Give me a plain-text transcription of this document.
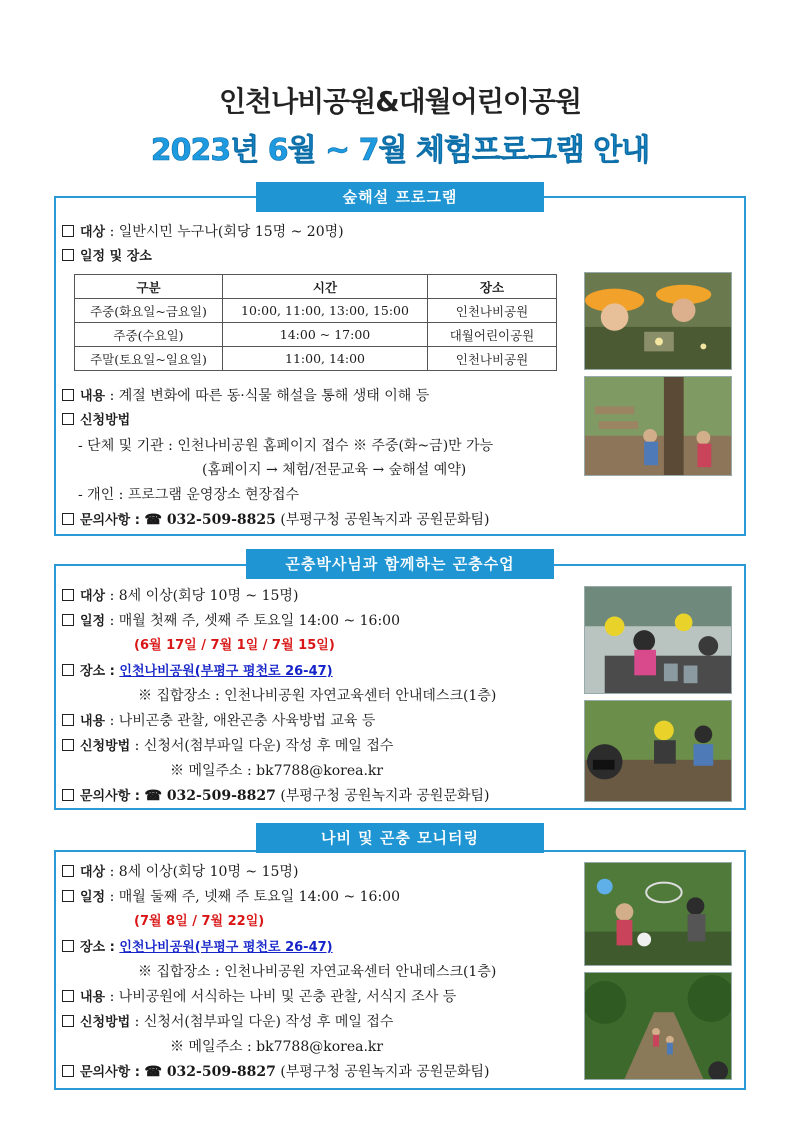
인천나비공원&대월어린이공원
2023년 6월 ~ 7월 체험프로그램 안내
숲해설 프로그램
대상 : 일반시민 누구나(회당 15명 ~ 20명)
일정 및 장소
구분	시간	장소
주중(화요일~금요일)	10:00, 11:00, 13:00, 15:00	인천나비공원
주중(수요일)	14:00 ~ 17:00	대월어린이공원
주말(토요일~일요일)	11:00, 14:00	인천나비공원
내용 : 계절 변화에 따른 동·식물 해설을 통해 생태 이해 등
신청방법
- 단체 및 기관 : 인천나비공원 홈페이지 접수 ※ 주중(화~금)만 가능
(홈페이지 → 체험/전문교육 → 숲해설 예약)
- 개인 : 프로그램 운영장소 현장접수
문의사항 : ☎ 032-509-8825 (부평구청 공원녹지과 공원문화팀)
곤충박사님과 함께하는 곤충수업
대상 : 8세 이상(회당 10명 ~ 15명)
일정 : 매월 첫째 주, 셋째 주 토요일 14:00 ~ 16:00
(6월 17일 / 7월 1일 / 7월 15일)
장소 : 인천나비공원(부평구 평천로 26-47)
※ 집합장소 : 인천나비공원 자연교육센터 안내데스크(1층)
내용 : 나비곤충 관찰, 애완곤충 사육방법 교육 등
신청방법 : 신청서(첨부파일 다운) 작성 후 메일 접수
※ 메일주소 : bk7788@korea.kr
문의사항 : ☎ 032-509-8827 (부평구청 공원녹지과 공원문화팀)
나비 및 곤충 모니터링
대상 : 8세 이상(회당 10명 ~ 15명)
일정 : 매월 둘째 주, 넷째 주 토요일 14:00 ~ 16:00
(7월 8일 / 7월 22일)
장소 : 인천나비공원(부평구 평천로 26-47)
※ 집합장소 : 인천나비공원 자연교육센터 안내데스크(1층)
내용 : 나비공원에 서식하는 나비 및 곤충 관찰, 서식지 조사 등
신청방법 : 신청서(첨부파일 다운) 작성 후 메일 접수
※ 메일주소 : bk7788@korea.kr
문의사항 : ☎ 032-509-8827 (부평구청 공원녹지과 공원문화팀)
